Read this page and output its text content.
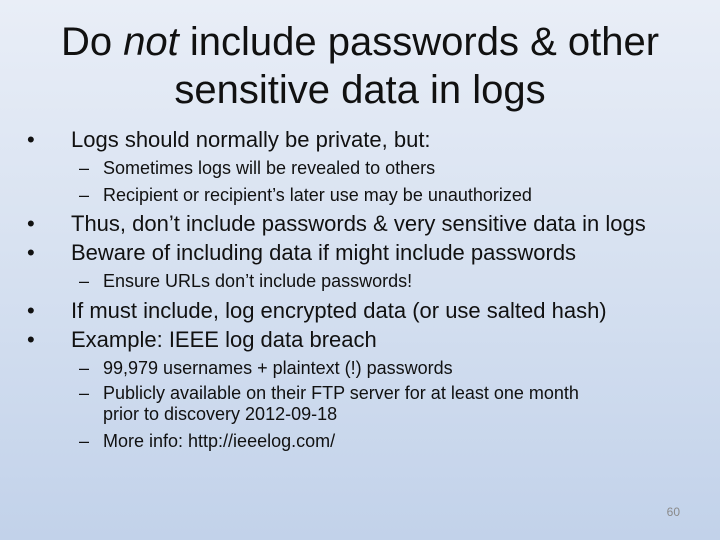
Do not include passwords & other
sensitive data in logs
•	Logs should normally be private, but:
– Sometimes logs will be revealed to others
– Recipient or recipient’s later use may be unauthorized
•	Thus, don’t include passwords & very sensitive data in logs
•	Beware of including data if might include passwords
– Ensure URLs don’t include passwords!
•	If must include, log encrypted data (or use salted hash)
•	Example: IEEE log data breach
– 99,979 usernames + plaintext (!) passwords
– Publicly available on their FTP server for at least one month
prior to discovery 2012-09-18
– More info: http://ieeelog.com/
60
